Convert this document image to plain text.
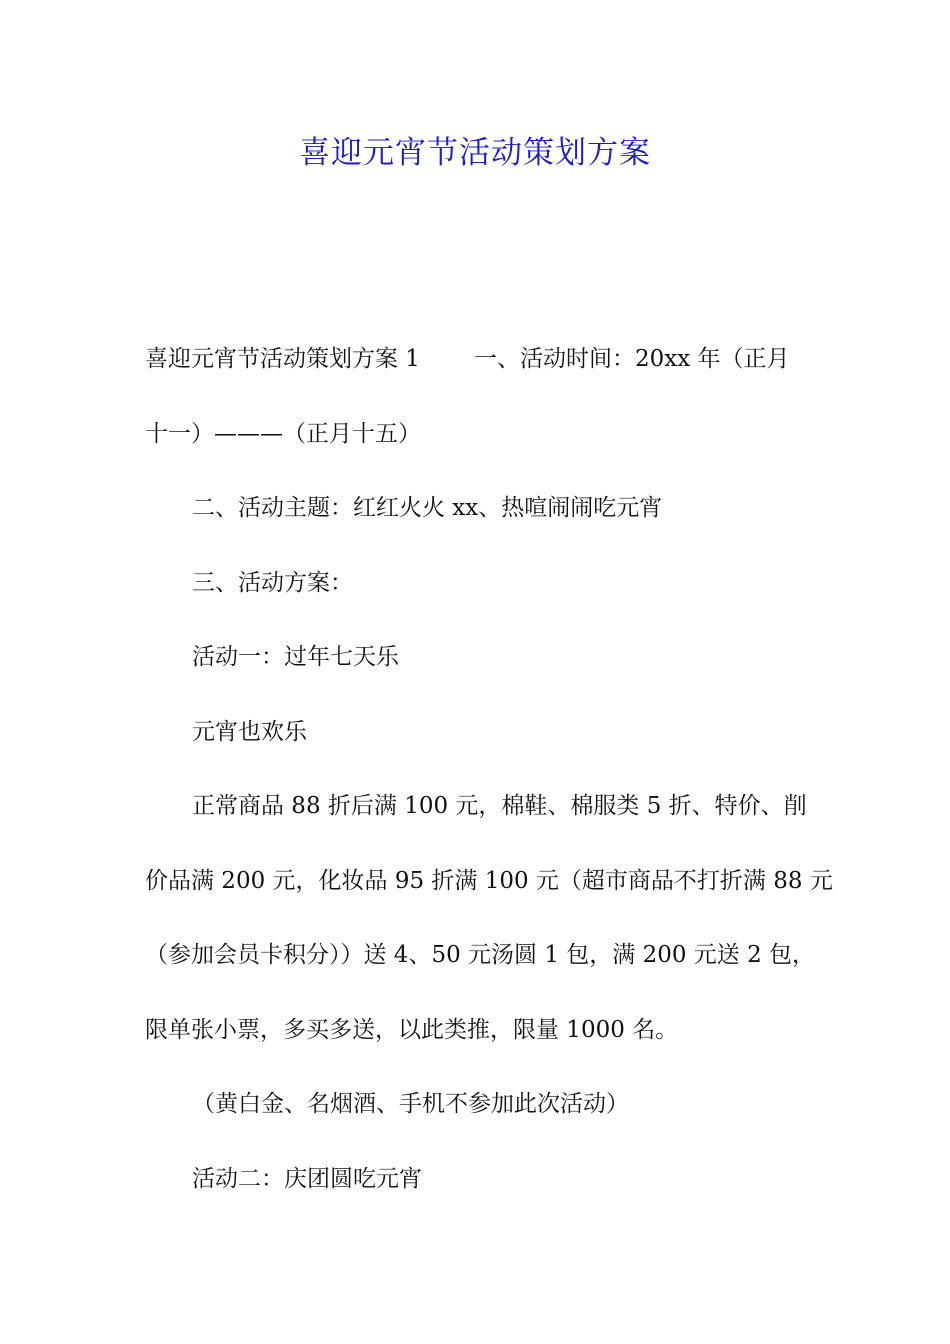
喜迎元宵节活动策划方案
喜迎元宵节活动策划方案 1 一、活动时间：20xx 年（正月
十一）———（正月十五）
二、活动主题：红红火火 xx、热喧闹闹吃元宵
三、活动方案：
活动一：过年七天乐
元宵也欢乐
正常商品 88 折后满 100 元，棉鞋、棉服类 5 折、特价、削
价品满 200 元，化妆品 95 折满 100 元（超市商品不打折满 88 元
（参加会员卡积分））送 4、50 元汤圆 1 包，满 200 元送 2 包，
限单张小票，多买多送，以此类推，限量 1000 名。
（黄白金、名烟酒、手机不参加此次活动）
活动二：庆团圆吃元宵
